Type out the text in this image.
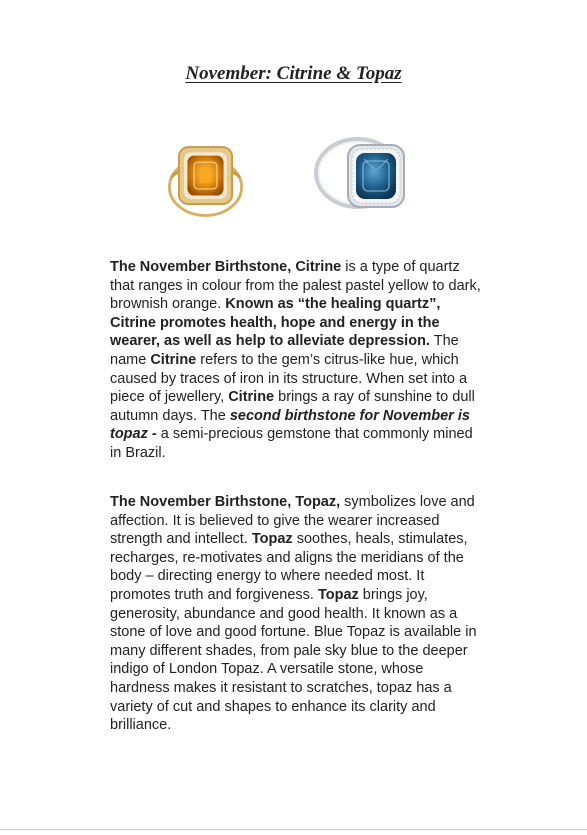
November: Citrine & Topaz
The November Birthstone, Citrine is a type of quartz that ranges in colour from the palest pastel yellow to dark, brownish orange. Known as “the healing quartz”, Citrine promotes health, hope and energy in the wearer, as well as help to alleviate depression. The name Citrine refers to the gem’s citrus-like hue, which caused by traces of iron in its structure. When set into a piece of jewellery, Citrine brings a ray of sunshine to dull autumn days. The second birthstone for November is topaz - a semi-precious gemstone that commonly mined in Brazil.
The November Birthstone, Topaz, symbolizes love and affection. It is believed to give the wearer increased strength and intellect. Topaz soothes, heals, stimulates, recharges, re-motivates and aligns the meridians of the body – directing energy to where needed most. It promotes truth and forgiveness. Topaz brings joy, generosity, abundance and good health. It known as a stone of love and good fortune. Blue Topaz is available in many different shades, from pale sky blue to the deeper indigo of London Topaz. A versatile stone, whose hardness makes it resistant to scratches, topaz has a variety of cut and shapes to enhance its clarity and brilliance.
